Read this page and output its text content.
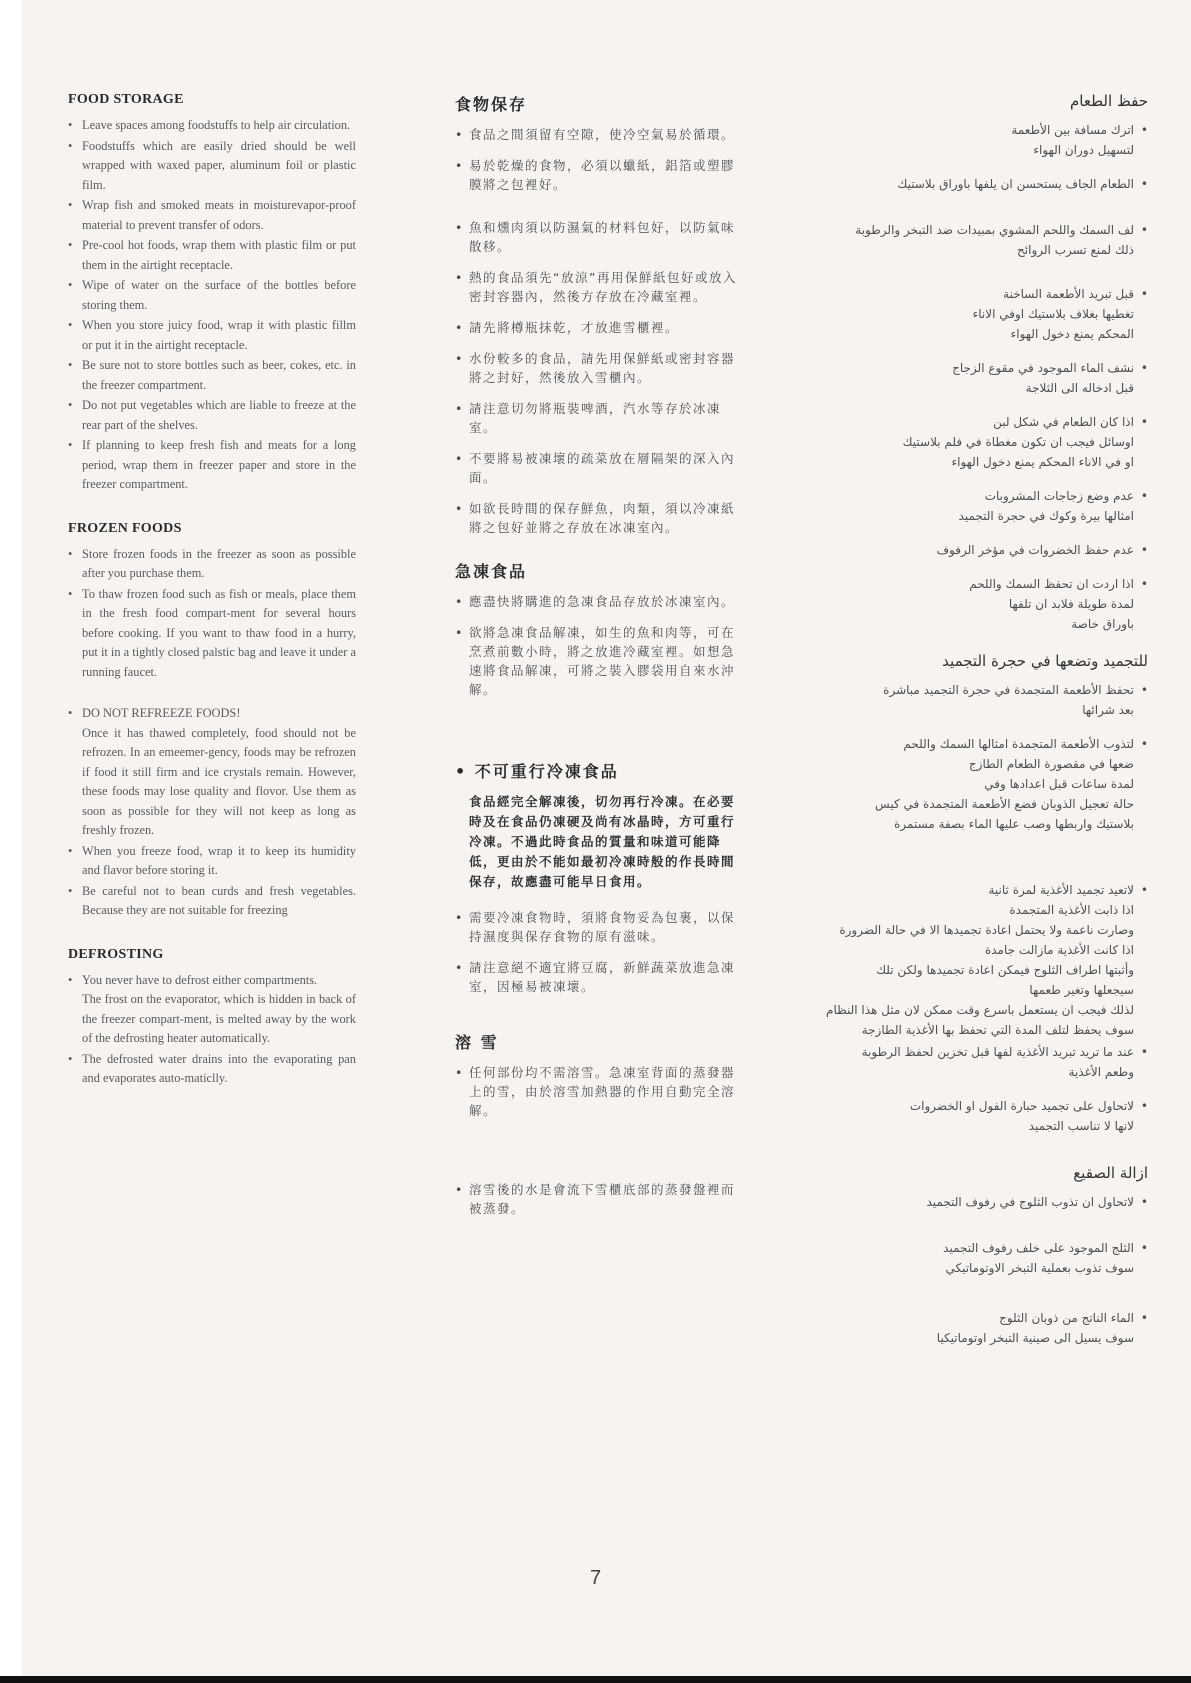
FOOD STORAGE
• Leave spaces among foodstuffs to help air circulation.
• Foodstuffs which are easily dried should be well wrapped with waxed paper, aluminum foil or plastic film.
• Wrap fish and smoked meats in moisturevapor-proof material to prevent transfer of odors.
• Pre-cool hot foods, wrap them with plastic film or put them in the airtight receptacle.
• Wipe of water on the surface of the bottles before storing them.
• When you store juicy food, wrap it with plastic fillm or put it in the airtight receptacle.
• Be sure not to store bottles such as beer, cokes, etc. in the freezer compartment.
• Do not put vegetables which are liable to freeze at the rear part of the shelves.
• If planning to keep fresh fish and meats for a long period, wrap them in freezer paper and store in the freezer compartment.
FROZEN FOODS
• Store frozen foods in the freezer as soon as possible after you purchase them.
• To thaw frozen food such as fish or meals, place them in the fresh food compart-ment for several hours before cooking. If you want to thaw food in a hurry, put it in a tightly closed palstic bag and leave it under a running faucet.
• DO NOT REFREEZE FOODS!
Once it has thawed completely, food should not be refrozen. In an emeemer-gency, foods may be refrozen if food it still firm and ice crystals remain. However, these foods may lose quality and flovor. Use them as soon as possible for they will not keep as long as freshly frozen.
• When you freeze food, wrap it to keep its humidity and flavor before storing it.
• Be careful not to bean curds and fresh vegetables. Because they are not suitable for freezing
DEFROSTING
• You never have to defrost either compartments.
The frost on the evaporator, which is hidden in back of the freezer compart-ment, is melted away by the work of the defrosting heater automatically.
• The defrosted water drains into the evaporating pan and evaporates auto-maticlly.
食物保存
• 食品之間須留有空隙，使冷空氣易於循環。
• 易於乾燥的食物，必須以蠟紙，鋁箔或塑膠膜將之包裡好。
• 魚和燻肉須以防濕氣的材料包好，以防氣味散移。
• 熱的食品須先“放涼”再用保鮮紙包好或放入密封容器內，然後方存放在冷藏室裡。
• 請先將樽瓶抹乾，才放進雪櫃裡。
• 水份較多的食品，請先用保鮮紙或密封容器將之封好，然後放入雪櫃內。
• 請注意切勿將瓶裝啤酒，汽水等存於冰凍室。
• 不要將易被凍壞的疏菜放在層隔架的深入內面。
• 如欲長時間的保存鮮魚，肉類，須以冷凍紙將之包好並將之存放在冰凍室內。
急凍食品
• 應盡快將購進的急凍食品存放於冰凍室內。
• 欲將急凍食品解凍，如生的魚和肉等，可在烹煮前數小時，將之放進冷藏室裡。如想急速將食品解凍，可將之裝入膠袋用自來水沖解。
• 不可重行冷凍食品
食品經完全解凍後，切勿再行冷凍。在必要時及在食品仍凍硬及尚有冰晶時，方可重行冷凍。不過此時食品的質量和味道可能降低，更由於不能如最初冷凍時般的作長時間保存，故應盡可能早日食用。
• 需要冷凍食物時，須將食物妥為包裹，以保持濕度與保存食物的原有滋味。
• 請注意絕不適宜將豆腐，新鮮蔬菜放進急凍室，因極易被凍壞。
溶 雪
• 任何部份均不需溶雪。急凍室背面的蒸發器上的雪，由於溶雪加熱器的作用自動完全溶解。
• 溶雪後的水是會流下雪櫃底部的蒸發盤裡而被蒸發。
حفظ الطعام
• اترك مسافة بين الأطعمة
لتسهيل دوران الهواء
• الطعام الجاف يستحسن ان يلفها باوراق بلاستيك
• لف السمك واللحم المشوي بمبيدات ضد التبخر والرطوبة
ذلك لمنع تسرب الروائح
• قبل تبريد الأطعمة الساخنة
تغطيها بغلاف بلاستيك اوفي الاناء
المحكم يمنع دخول الهواء
• نشف الماء الموجود في مقوع الزجاج
قبل ادخاله الى الثلاجة
• اذا كان الطعام في شكل لبن
اوسائل فيجب ان تكون مغطاة في فلم بلاستيك
او في الاناء المحكم يمنع دخول الهواء
• عدم وضع زجاجات المشروبات
امثالها بيرة وكوك في حجرة التجميد
• عدم حفظ الخضروات في مؤخر الرفوف
• اذا اردت ان تحفظ السمك واللحم
لمدة طويلة فلابد ان تلفها
باوراق خاصة
للتجميد وتضعها في حجرة التجميد
• تحفظ الأطعمة المتجمدة في حجرة التجميد مباشرة
بعد شرائها
• لتذوب الأطعمة المتجمدة امثالها السمك واللحم
ضعها في مقصورة الطعام الطازج
لمدة ساعات قبل اعدادها وفي
حالة تعجيل الذوبان فضع الأطعمة المتجمدة في كيس
بلاستيك واربطها وصب عليها الماء بصفة مستمرة
• لاتعيد تجميد الأغذية لمرة ثانية
اذا ذابت الأغذية المتجمدة
وصارت ناعمة ولا يحتمل اعادة تجميدها الا في حالة الضرورة
اذا كانت الأغذية مازالت جامدة
وأثبتها اطراف الثلوج فيمكن اعادة تجميدها ولكن تلك
سيجعلها وتغير طعمها
لذلك فيجب ان يستعمل باسرع وقت ممكن لان مثل هذا النظام
سوف يحفظ لتلف المدة التي تحفظ بها الأغذية الطازجة
• عند ما تريد تبريد الأغذية لفها قبل تخزين لحفظ الرطوبة
وطعم الأغذية
• لاتحاول على تجميد حبارة الفول او الخضروات
لانها لا تناسب التجميد
ازالة الصقيع
• لاتحاول ان تذوب الثلوج في رفوف التجميد
• الثلج الموجود على خلف رفوف التجميد
سوف تذوب بعملية التبخر الاوتوماتيكي
• الماء الناتج من ذوبان الثلوج
سوف يسيل الى صينية التبخر اوتوماتيكيا
7
